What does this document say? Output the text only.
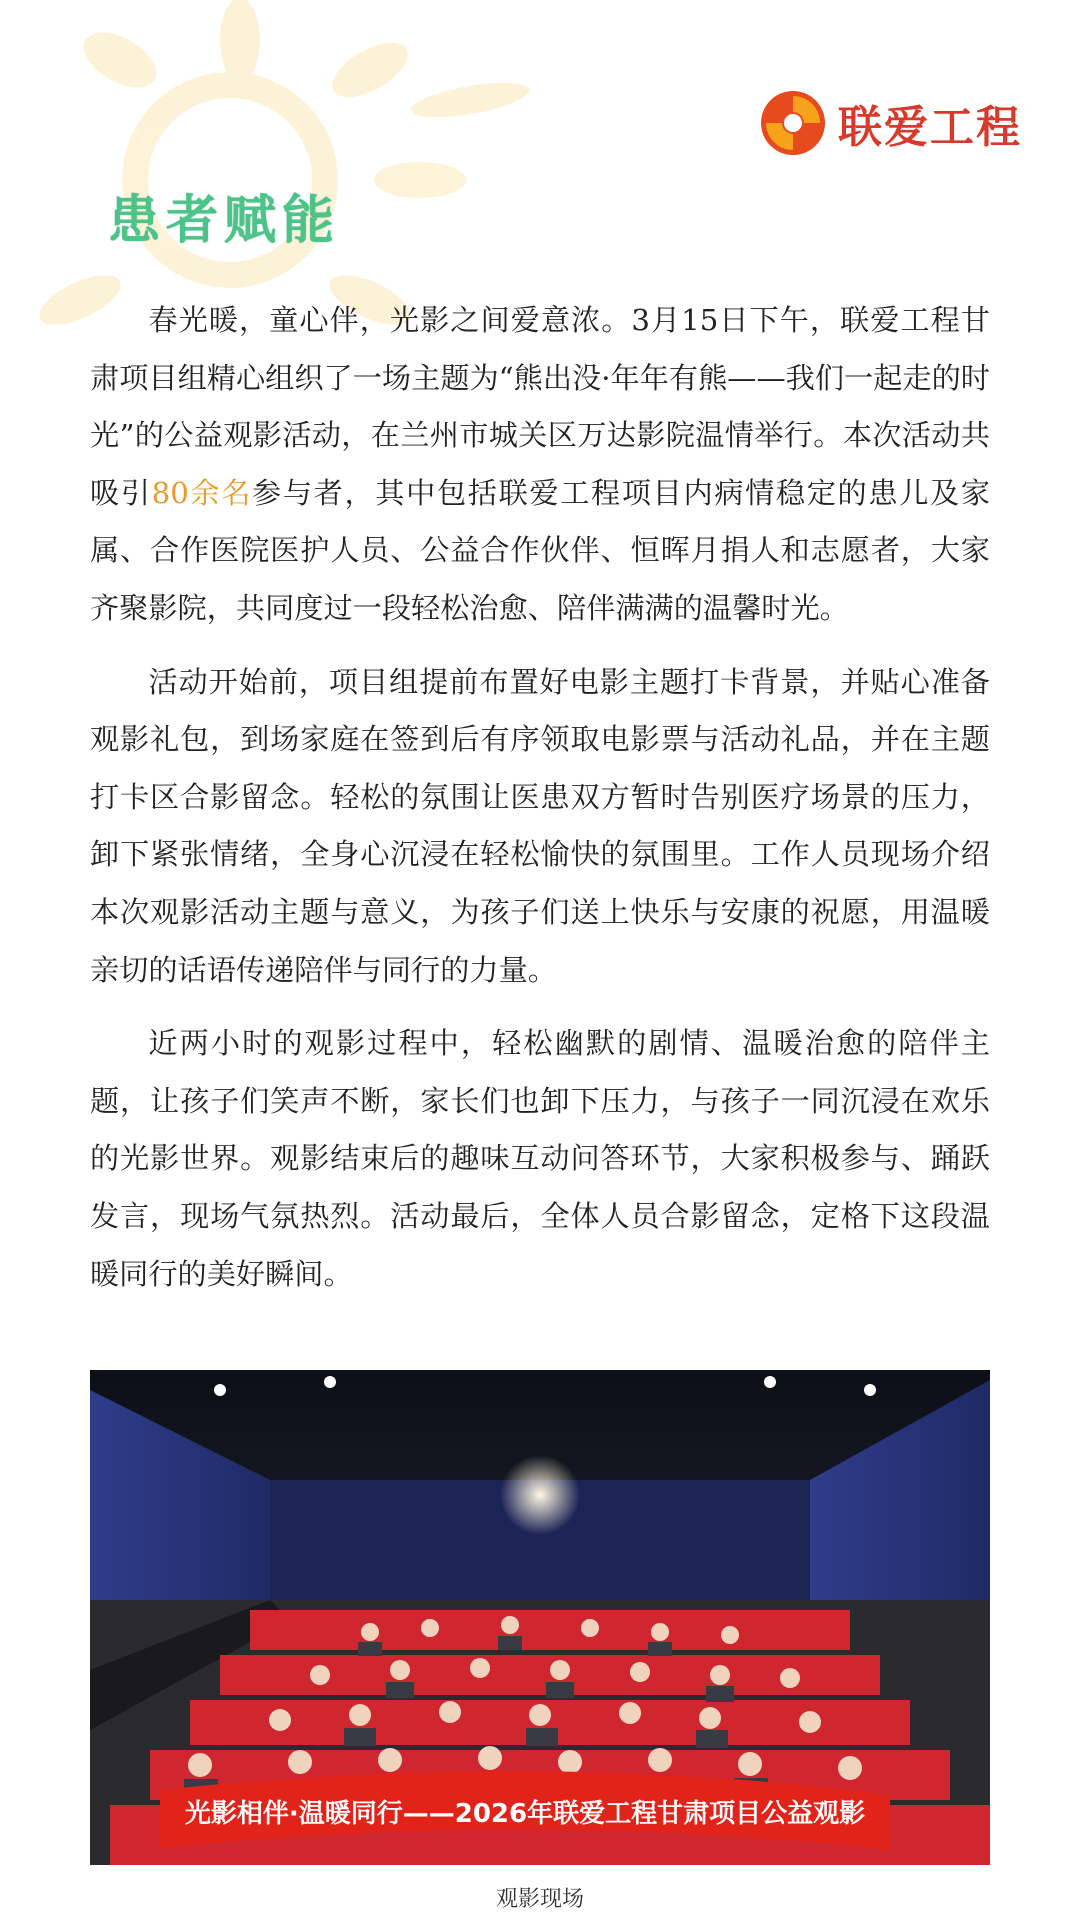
联爱工程
患者赋能

春光暖，童心伴，光影之间爱意浓。3月15日下午，联爱工程甘肃项目组精心组织了一场主题为“熊出没·年年有熊——我们一起走的时光”的公益观影活动，在兰州市城关区万达影院温情举行。本次活动共吸引80余名参与者，其中包括联爱工程项目内病情稳定的患儿及家属、合作医院医护人员、公益合作伙伴、恒晖月捐人和志愿者，大家齐聚影院，共同度过一段轻松治愈、陪伴满满的温馨时光。

活动开始前，项目组提前布置好电影主题打卡背景，并贴心准备观影礼包，到场家庭在签到后有序领取电影票与活动礼品，并在主题打卡区合影留念。轻松的氛围让医患双方暂时告别医疗场景的压力，卸下紧张情绪，全身心沉浸在轻松愉快的氛围里。工作人员现场介绍本次观影活动主题与意义，为孩子们送上快乐与安康的祝愿，用温暖亲切的话语传递陪伴与同行的力量。

近两小时的观影过程中，轻松幽默的剧情、温暖治愈的陪伴主题，让孩子们笑声不断，家长们也卸下压力，与孩子一同沉浸在欢乐的光影世界。观影结束后的趣味互动问答环节，大家积极参与、踊跃发言，现场气氛热烈。活动最后，全体人员合影留念，定格下这段温暖同行的美好瞬间。

光影相伴·温暖同行——2026年联爱工程甘肃项目公益观影
观影现场
